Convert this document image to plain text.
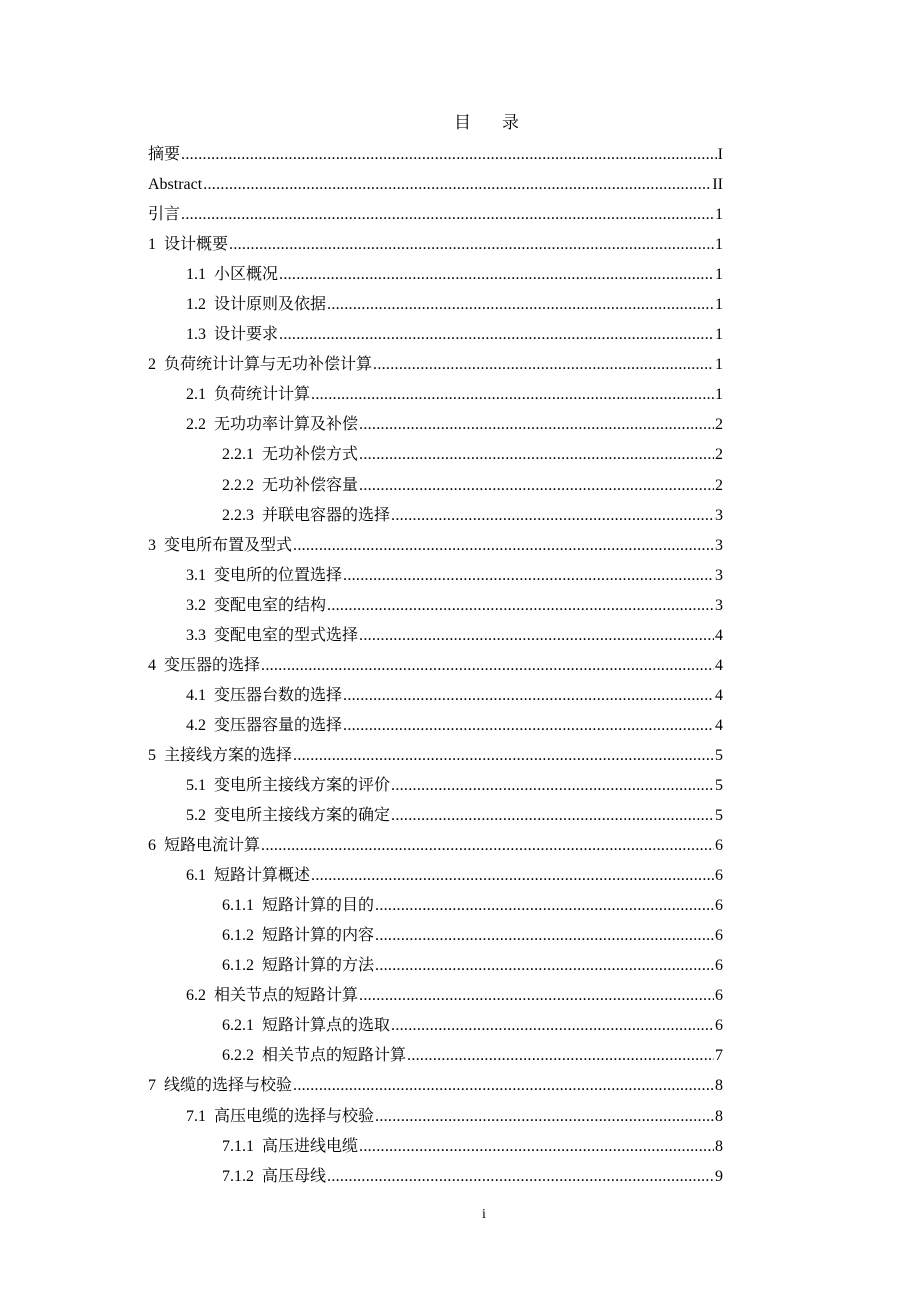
目　录
摘要 .....	I
Abstract .....	II
引言 .....	1
1 设计概要 .....	1
1.1 小区概况 .....	1
1.2 设计原则及依据 .....	1
1.3 设计要求 .....	1
2 负荷统计计算与无功补偿计算 .....	1
2.1 负荷统计计算 .....	1
2.2 无功功率计算及补偿 .....	2
2.2.1 无功补偿方式 .....	2
2.2.2 无功补偿容量 .....	2
2.2.3 并联电容器的选择 .....	3
3 变电所布置及型式 .....	3
3.1 变电所的位置选择 .....	3
3.2 变配电室的结构 .....	3
3.3 变配电室的型式选择 .....	4
4 变压器的选择 .....	4
4.1 变压器台数的选择 .....	4
4.2 变压器容量的选择 .....	4
5 主接线方案的选择 .....	5
5.1 变电所主接线方案的评价 .....	5
5.2 变电所主接线方案的确定 .....	5
6 短路电流计算 .....	6
6.1 短路计算概述 .....	6
6.1.1 短路计算的目的 .....	6
6.1.2 短路计算的内容 .....	6
6.1.2 短路计算的方法 .....	6
6.2 相关节点的短路计算 .....	6
6.2.1 短路计算点的选取 .....	6
6.2.2 相关节点的短路计算 .....	7
7 线缆的选择与校验 .....	8
7.1 高压电缆的选择与校验 .....	8
7.1.1 高压进线电缆 .....	8
7.1.2 高压母线 .....	9
i
